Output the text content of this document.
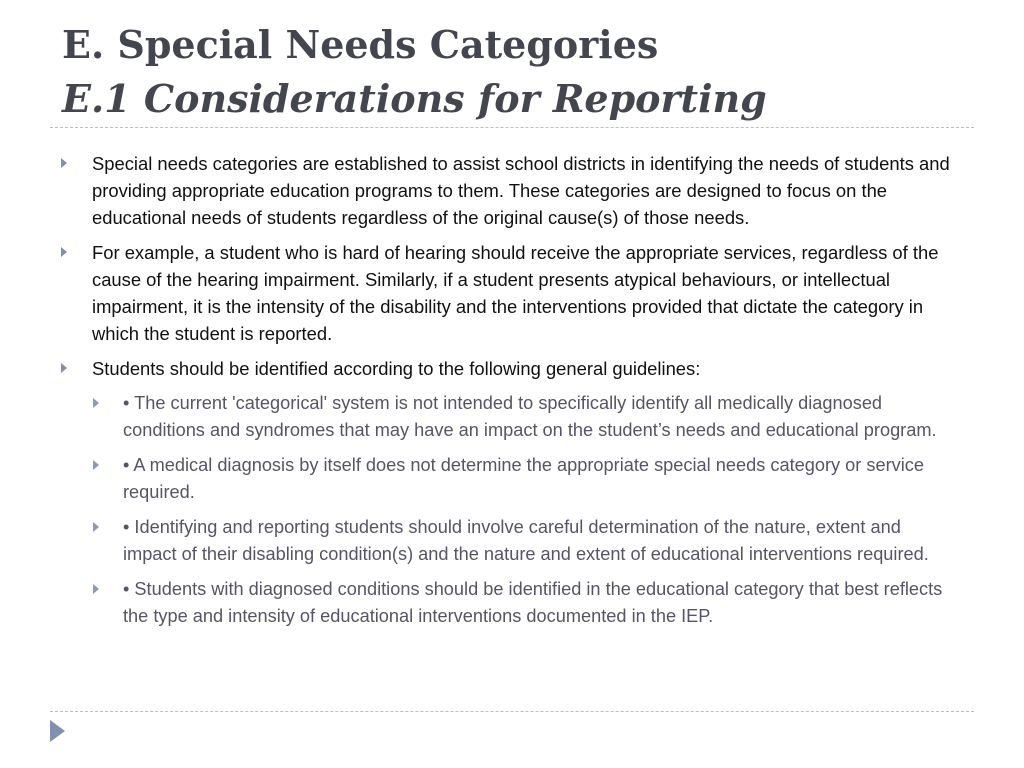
E. Special Needs Categories
E.1 Considerations for Reporting
Special needs categories are established to assist school districts in identifying the needs of students and providing appropriate education programs to them. These categories are designed to focus on the educational needs of students regardless of the original cause(s) of those needs.
For example, a student who is hard of hearing should receive the appropriate services, regardless of the cause of the hearing impairment. Similarly, if a student presents atypical behaviours, or intellectual impairment, it is the intensity of the disability and the interventions provided that dictate the category in which the student is reported.
Students should be identified according to the following general guidelines:
• The current 'categorical' system is not intended to specifically identify all medically diagnosed conditions and syndromes that may have an impact on the student’s needs and educational program.
• A medical diagnosis by itself does not determine the appropriate special needs category or service required.
• Identifying and reporting students should involve careful determination of the nature, extent and impact of their disabling condition(s) and the nature and extent of educational interventions required.
• Students with diagnosed conditions should be identified in the educational category that best reflects the type and intensity of educational interventions documented in the IEP.
